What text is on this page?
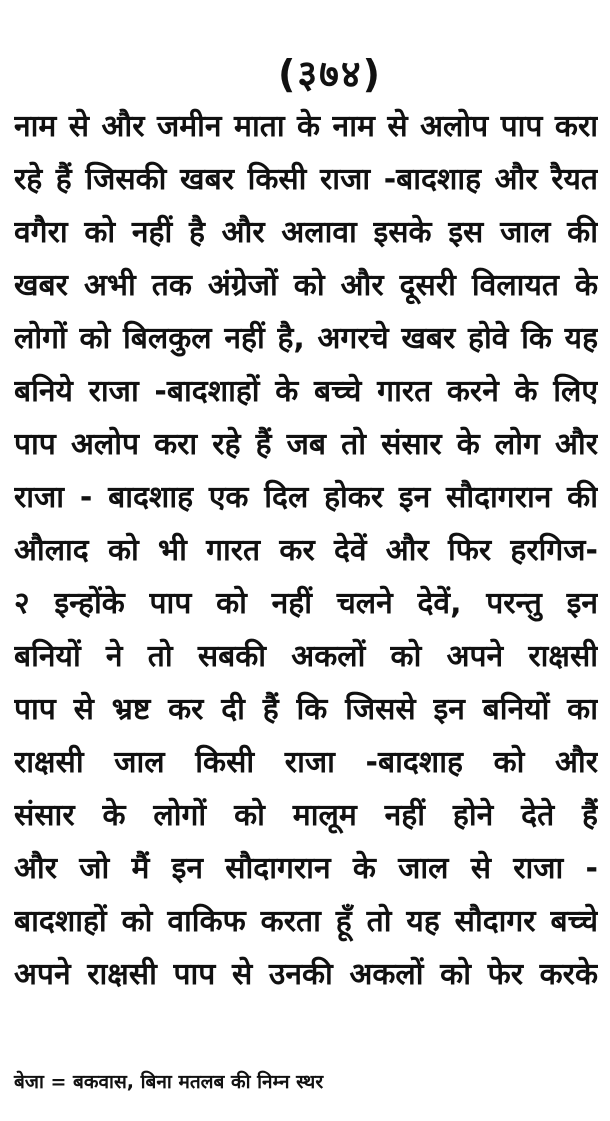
(३७४)
नाम से और जमीन माता के नाम से अलोप पाप करा
रहे हैं जिसकी खबर किसी राजा -बादशाह और रैयत
वगैरा को नहीं है और अलावा इसके इस जाल की
खबर अभी तक अंग्रेजों को और दूसरी विलायत के
लोगों को बिलकुल नहीं है, अगरचे खबर होवे कि यह
बनिये राजा -बादशाहों के बच्चे गारत करने के लिए
पाप अलोप करा रहे हैं जब तो संसार के लोग और
राजा - बादशाह एक दिल होकर इन सौदागरान की
औलाद को भी गारत कर देवें और फिर हरगिज-
२ इन्होंके पाप को नहीं चलने देवें, परन्तु इन
बनियों ने तो सबकी अकलों को अपने राक्षसी
पाप से भ्रष्ट कर दी हैं कि जिससे इन बनियों का
राक्षसी जाल किसी राजा -बादशाह को और
संसार के लोगों को मालूम नहीं होने देते हैं
और जो मैं इन सौदागरान के जाल से राजा -
बादशाहों को वाकिफ करता हूँ तो यह सौदागर बच्चे
अपने राक्षसी पाप से उनकी अकलों को फेर करके
बेजा = बकवास, बिना मतलब की निम्न स्थर
